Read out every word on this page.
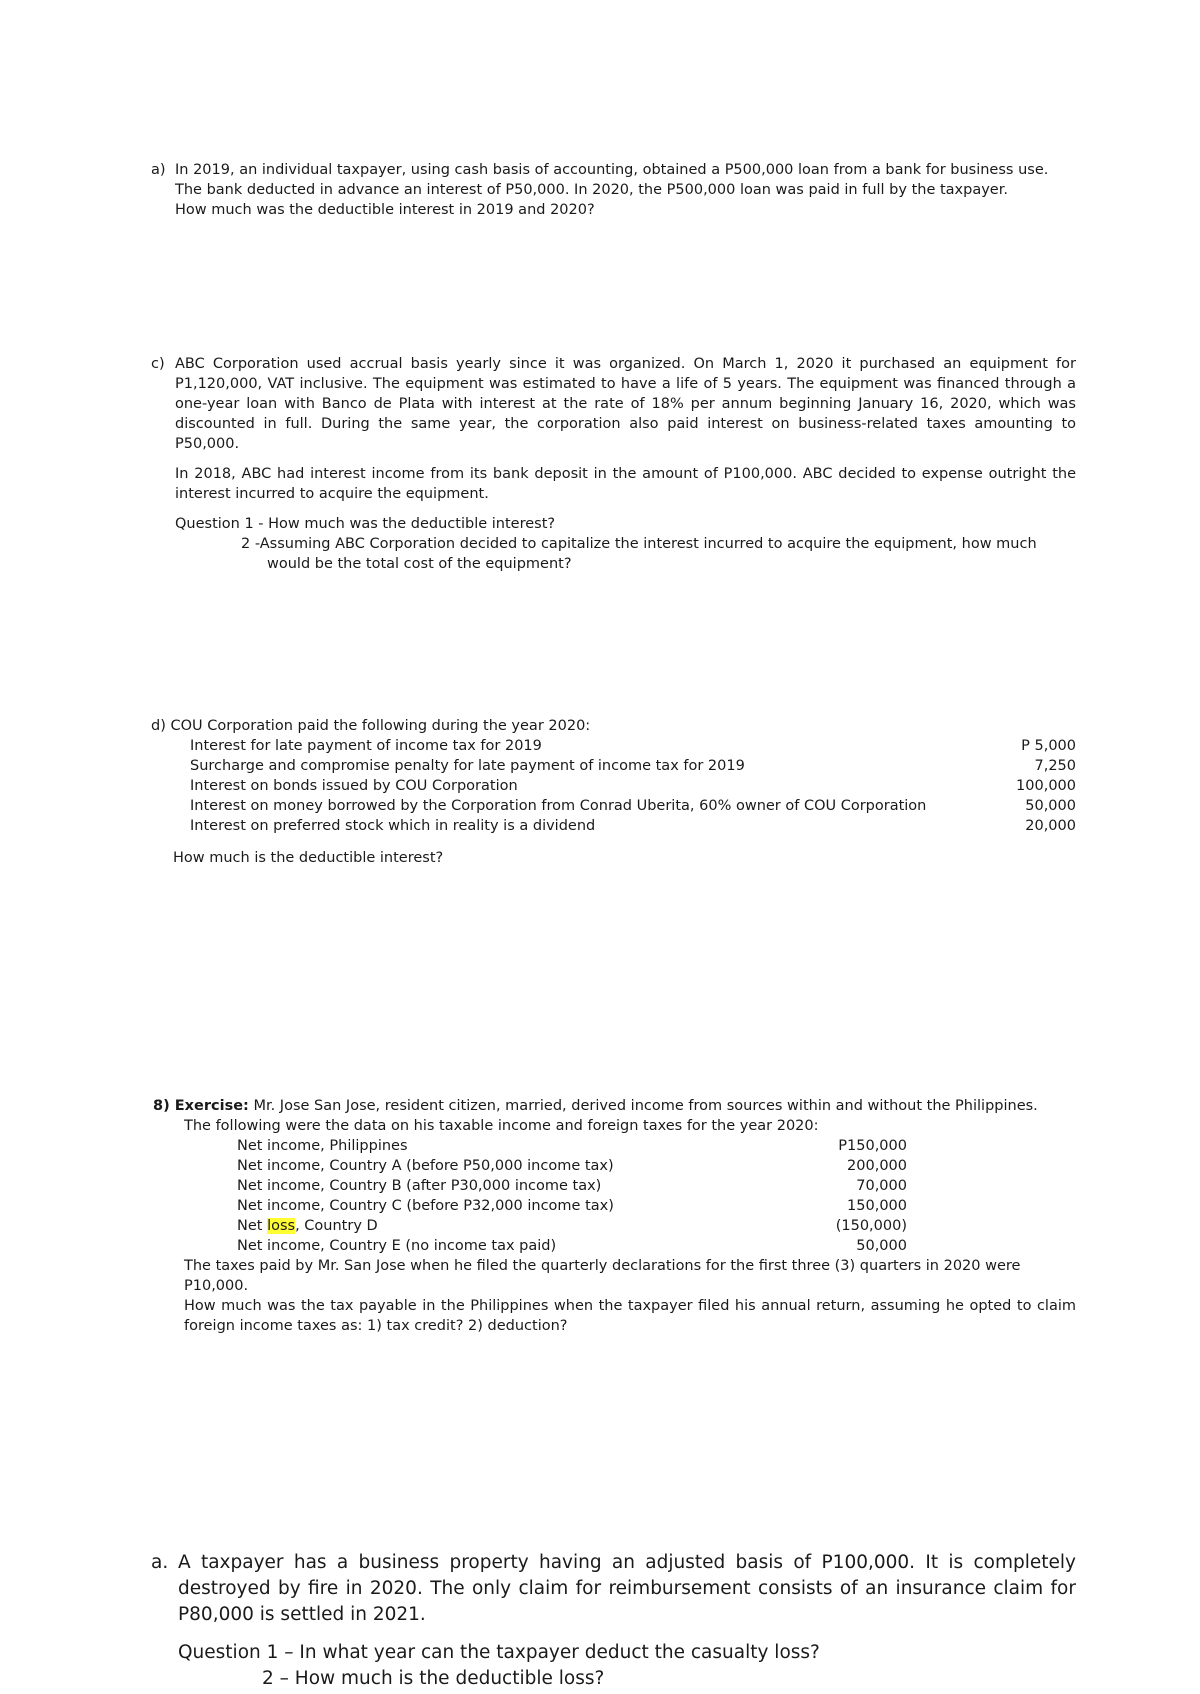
a) In 2019, an individual taxpayer, using cash basis of accounting, obtained a P500,000 loan from a bank for business use.

The bank deducted in advance an interest of P50,000. In 2020, the P500,000 loan was paid in full by the taxpayer.

How much was the deductible interest in 2019 and 2020?

c) ABC Corporation used accrual basis yearly since it was organized. On March 1, 2020 it purchased an equipment for P1,120,000, VAT inclusive. The equipment was estimated to have a life of 5 years. The equipment was financed through a one-year loan with Banco de Plata with interest at the rate of 18% per annum beginning January 16, 2020, which was discounted in full. During the same year, the corporation also paid interest on business-related taxes amounting to P50,000.

In 2018, ABC had interest income from its bank deposit in the amount of P100,000. ABC decided to expense outright the interest incurred to acquire the equipment.

Question 1 - How much was the deductible interest?

2 -Assuming ABC Corporation decided to capitalize the interest incurred to acquire the equipment, how much

would be the total cost of the equipment?

d) COU Corporation paid the following during the year 2020:

Interest for late payment of income tax for 2019	P 5,000
Surcharge and compromise penalty for late payment of income tax for 2019	7,250
Interest on bonds issued by COU Corporation	100,000
Interest on money borrowed by the Corporation from Conrad Uberita, 60% owner of COU Corporation	50,000
Interest on preferred stock which in reality is a dividend	20,000

How much is the deductible interest?

8) Exercise: Mr. Jose San Jose, resident citizen, married, derived income from sources within and without the Philippines.

The following were the data on his taxable income and foreign taxes for the year 2020:

Net income, Philippines	P150,000
Net income, Country A (before P50,000 income tax)	200,000
Net income, Country B (after P30,000 income tax)	70,000
Net income, Country C (before P32,000 income tax)	150,000
Net loss, Country D	(150,000)
Net income, Country E (no income tax paid)	50,000

The taxes paid by Mr. San Jose when he filed the quarterly declarations for the first three (3) quarters in 2020 were P10,000.

How much was the tax payable in the Philippines when the taxpayer filed his annual return, assuming he opted to claim foreign income taxes as: 1) tax credit? 2) deduction?

a. A taxpayer has a business property having an adjusted basis of P100,000. It is completely destroyed by fire in 2020. The only claim for reimbursement consists of an insurance claim for P80,000 is settled in 2021.

Question 1 – In what year can the taxpayer deduct the casualty loss?

2 – How much is the deductible loss?
